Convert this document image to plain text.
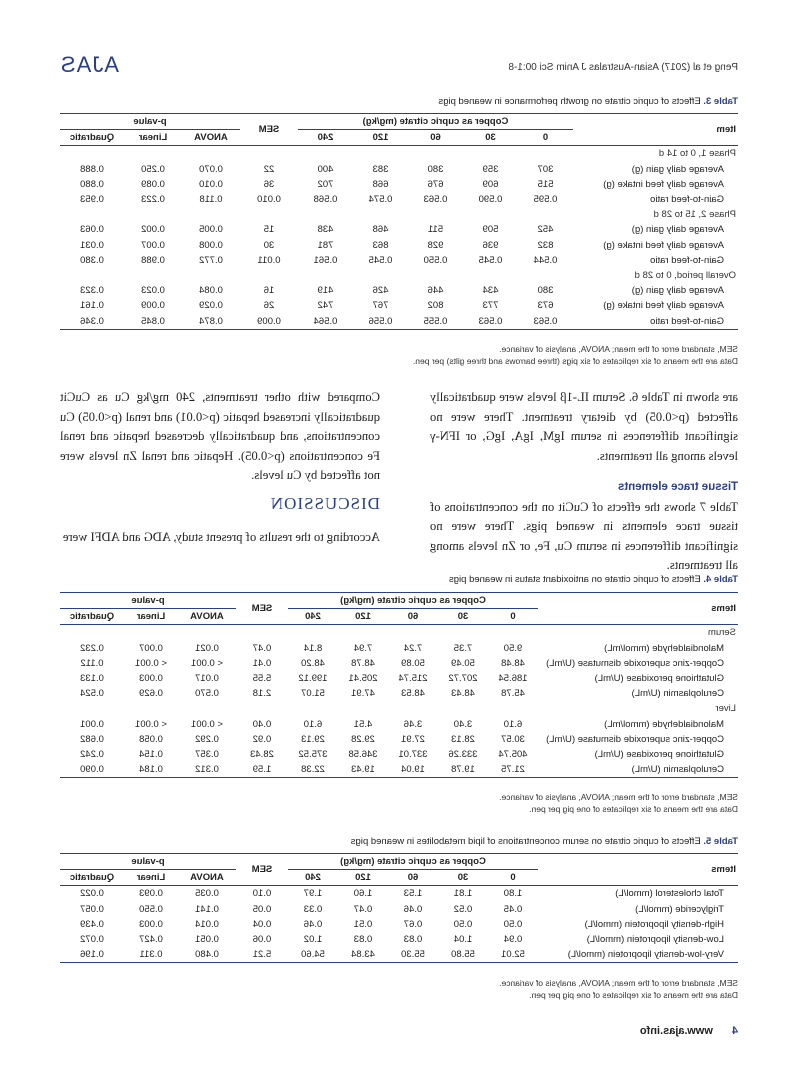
Peng et al (2017) Asian-Australas J Anim Sci 00:1-8
AJAS
Table 3. Effects of cupric citrate on growth performance in weaned pigs
Item	Copper as cupric citrate (mg/kg)					SEM	p-value		
	0	30	60	120	240		ANOVA	Linear	Quadratic
Phase 1, 0 to 14 d									
Average daily gain (g)	307	359	380	383	400	22	0.070	0.250	0.888
Average daily feed intake (g)	515	609	676	668	702	36	0.010	0.089	0.880
Gain-to-feed ratio	0.595	0.590	0.563	0.574	0.568	0.010	0.118	0.223	0.953
Phase 2, 15 to 28 d									
Average daily gain (g)	452	509	511	468	438	15	0.005	0.002	0.063
Average daily feed intake (g)	832	936	928	863	781	30	0.008	0.007	0.031
Gain-to-feed ratio	0.544	0.545	0.550	0.545	0.561	0.011	0.772	0.988	0.380
Overall period, 0 to 28 d									
Average daily gain (g)	380	434	446	426	419	16	0.084	0.023	0.323
Average daily feed intake (g)	673	773	802	767	742	26	0.029	0.009	0.161
Gain-to-feed ratio	0.563	0.563	0.555	0.556	0.564	0.009	0.874	0.845	0.346
SEM, standard error of the mean; ANOVA, analysis of variance.
Data are the means of six replicates of six pigs (three barrows and three gilts) per pen.

are shown in Table 6. Serum IL-1β levels were quadratically affected (p<0.05) by dietary treatment. There were no significant differences in serum IgM, IgA, IgG, or IFN-γ levels among all treatments.

Tissue trace elements

Table 7 shows the effects of CuCit on the concentrations of tissue trace elements in weaned pigs. There were no significant differences in serum Cu, Fe, or Zn levels among all treatments.

Compared with other treatments, 240 mg/kg Cu as CuCit quadratically increased hepatic (p<0.01) and renal (p<0.05) Cu concentrations, and quadratically decreased hepatic and renal Fe concentrations (p<0.05). Hepatic and renal Zn levels were not affected by Cu levels.

DISCUSSION

According to the results of present study, ADG and ADFI were

Table 4. Effects of cupric citrate on antioxidant status in weaned pigs
Items	Copper as cupric citrate (mg/kg)					SEM	p-value		
	0	30	60	120	240		ANOVA	Linear	Quadratic
Serum									
Malondialdehyde (mmol/mL)	9.50	7.35	7.24	7.94	8.14	0.47	0.021	0.007	0.232
Copper-zinc superoxide dismutase (U/mL)	48.48	50.49	50.89	48.78	48.20	0.41	< 0.001	< 0.001	0.112
Glutathione peroxidase (U/mL)	186.54	207.72	215.74	205.41	199.12	5.55	0.017	0.003	0.133
Ceruloplasmin (U/mL)	45.78	48.43	48.53	47.91	51.07	2.18	0.570	0.629	0.524
Liver									
Malondialdehyde (mmol/mL)	6.10	3.40	3.46	4.51	6.10	0.40	< 0.001	< 0.001	0.001
Copper-zinc superoxide dismutase (U/mL)	30.57	28.13	27.91	29.28	29.13	0.92	0.292	0.058	0.682
Glutathione peroxidase (U/mL)	405.74	333.26	337.01	346.58	375.52	28.43	0.357	0.154	0.242
Ceruloplasmin (U/mL)	21.75	19.78	19.04	19.43	22.38	1.59	0.312	0.184	0.090
SEM, standard error of the mean; ANOVA, analysis of variance.
Data are the means of six replicates of one pig per pen.
Table 5. Effects of cupric citrate on serum concentrations of lipid metabolites in weaned pigs
Items	Copper as cupric citrate (mg/kg)					SEM	p-value		
	0	30	60	120	240		ANOVA	Linear	Quadratic
Total cholesterol (mmol/L)	1.80	1.81	1.53	1.60	1.97	0.10	0.035	0.093	0.022
Triglyceride (mmol/L)	0.45	0.52	0.46	0.47	0.33	0.05	0.141	0.550	0.057
High-density lipoprotein (mmol/L)	0.50	0.50	0.67	0.51	0.46	0.04	0.014	0.003	0.439
Low-density lipoprotein (mmol/L)	0.94	1.04	0.83	0.83	1.02	0.06	0.051	0.427	0.072
Very-low-density lipoprotein (mmol/L)	52.01	55.80	55.30	43.84	54.60	5.21	0.480	0.311	0.196
SEM, standard error of the mean; ANOVA, analysis of variance.
Data are the means of six replicates of one pig per pen.
4 www.ajas.info
